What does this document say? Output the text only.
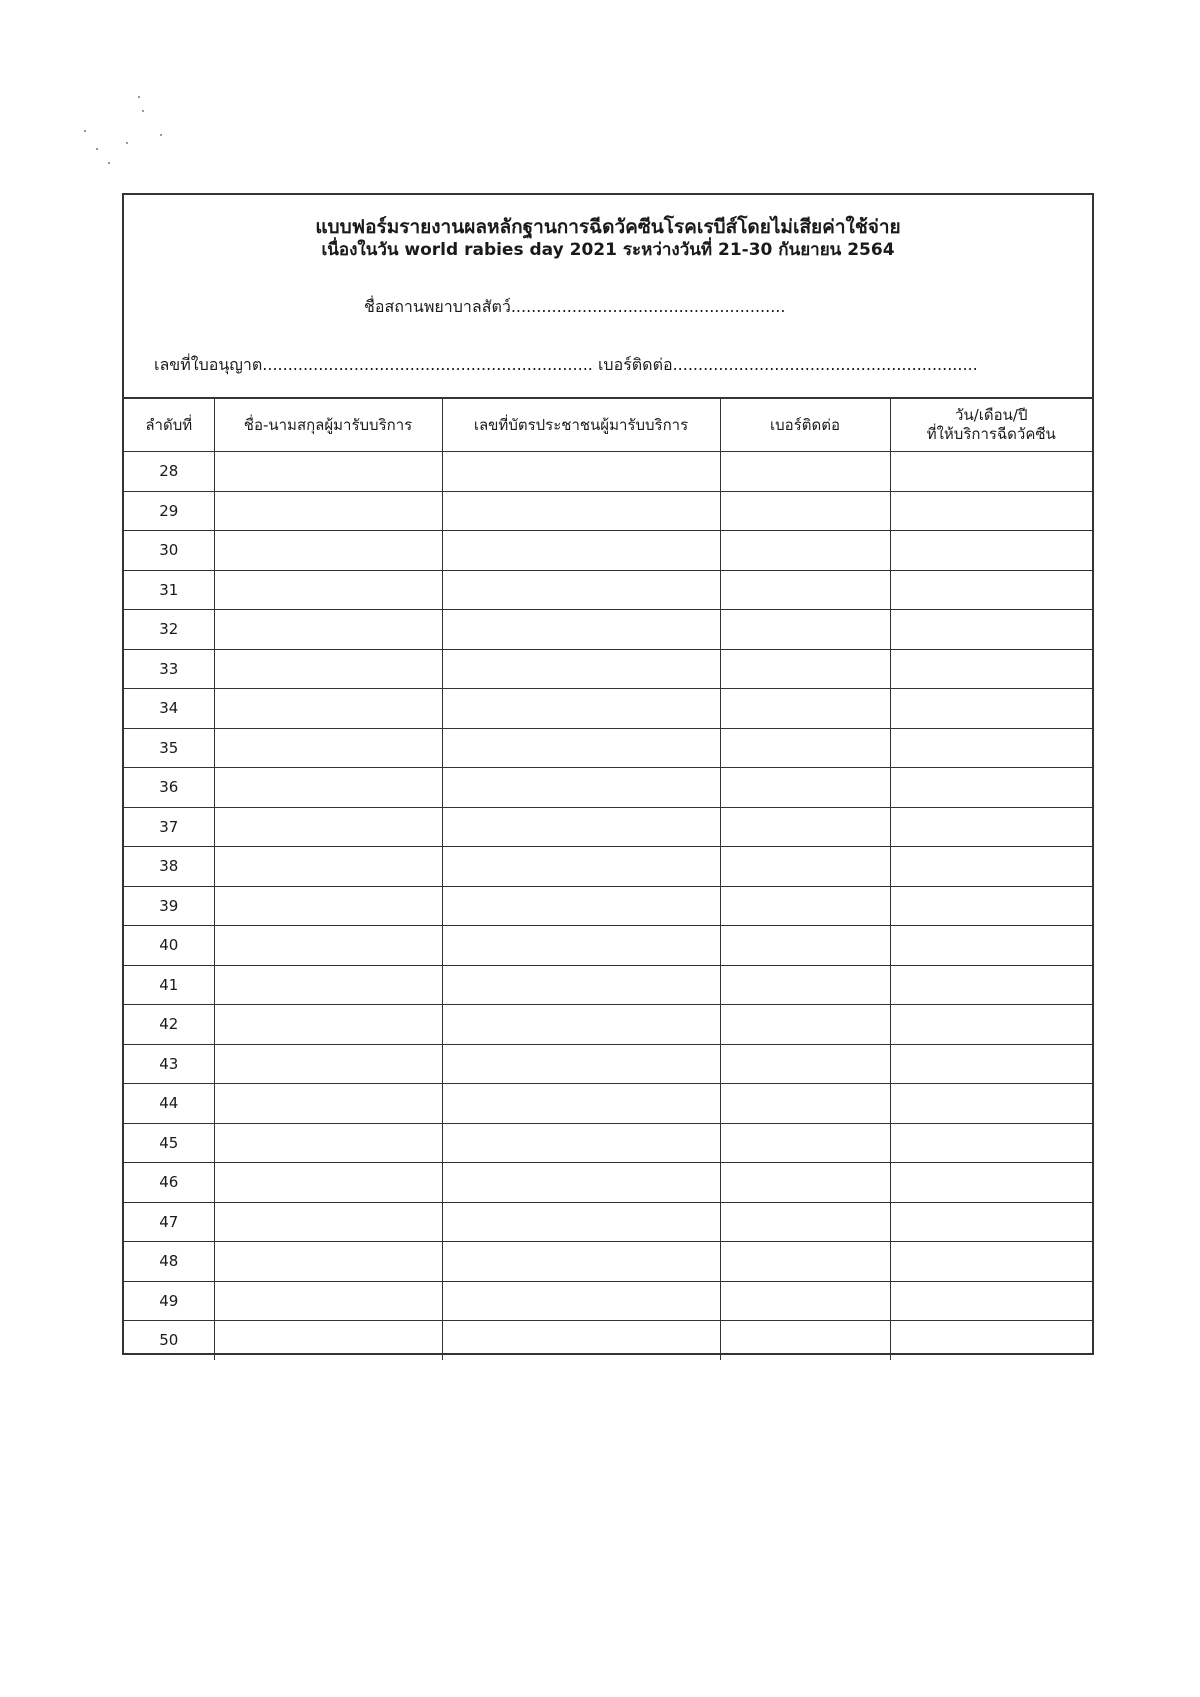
แบบฟอร์มรายงานผลหลักฐานการฉีดวัคซีนโรคเรบีส์โดยไม่เสียค่าใช้จ่าย
เนื่องในวัน world rabies day 2021 ระหว่างวันที่ 21-30 กันยายน 2564
ชื่อสถานพยาบาลสัตว์......................................................
เลขที่ใบอนุญาต................................................................. เบอร์ติดต่อ............................................................
ลำดับที่	ชื่อ-นามสกุลผู้มารับบริการ	เลขที่บัตรประชาชนผู้มารับบริการ	เบอร์ติดต่อ	วัน/เดือน/ปี
ที่ให้บริการฉีดวัคซีน
28				
29				
30				
31				
32				
33				
34				
35				
36				
37				
38				
39				
40				
41				
42				
43				
44				
45				
46				
47				
48				
49				
50				
